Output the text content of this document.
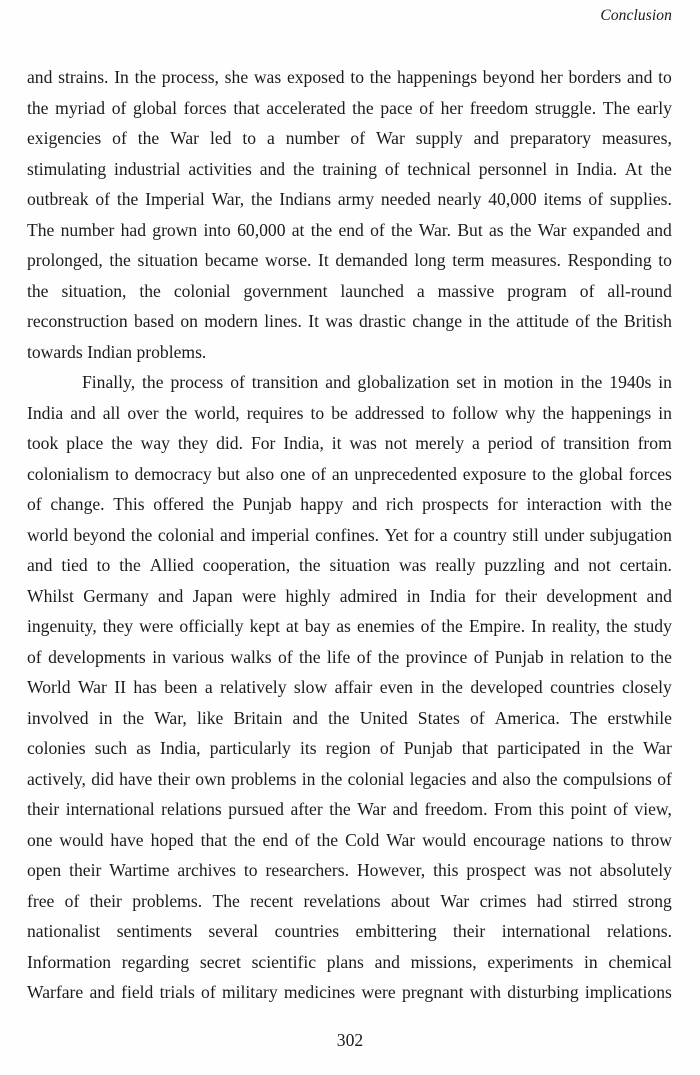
Conclusion
and strains. In the process, she was exposed to the happenings beyond her borders and to
the myriad of global forces that accelerated the pace of her freedom struggle. The early
exigencies of the War led to a number of War supply and preparatory measures,
stimulating industrial activities and the training of technical personnel in India. At the
outbreak of the Imperial War, the Indians army needed nearly 40,000 items of supplies.
The number had grown into 60,000 at the end of the War. But as the War expanded and
prolonged, the situation became worse. It demanded long term measures. Responding to
the situation, the colonial government launched a massive program of all-round
reconstruction based on modern lines. It was drastic change in the attitude of the British
towards Indian problems.
Finally, the process of transition and globalization set in motion in the 1940s in
India and all over the world, requires to be addressed to follow why the happenings in
took place the way they did. For India, it was not merely a period of transition from
colonialism to democracy but also one of an unprecedented exposure to the global forces
of change. This offered the Punjab happy and rich prospects for interaction with the
world beyond the colonial and imperial confines. Yet for a country still under subjugation
and tied to the Allied cooperation, the situation was really puzzling and not certain.
Whilst Germany and Japan were highly admired in India for their development and
ingenuity, they were officially kept at bay as enemies of the Empire. In reality, the study
of developments in various walks of the life of the province of Punjab in relation to the
World War II has been a relatively slow affair even in the developed countries closely
involved in the War, like Britain and the United States of America. The erstwhile
colonies such as India, particularly its region of Punjab that participated in the War
actively, did have their own problems in the colonial legacies and also the compulsions of
their international relations pursued after the War and freedom. From this point of view,
one would have hoped that the end of the Cold War would encourage nations to throw
open their Wartime archives to researchers. However, this prospect was not absolutely
free of their problems. The recent revelations about War crimes had stirred strong
nationalist sentiments several countries embittering their international relations.
Information regarding secret scientific plans and missions, experiments in chemical
Warfare and field trials of military medicines were pregnant with disturbing implications
302
